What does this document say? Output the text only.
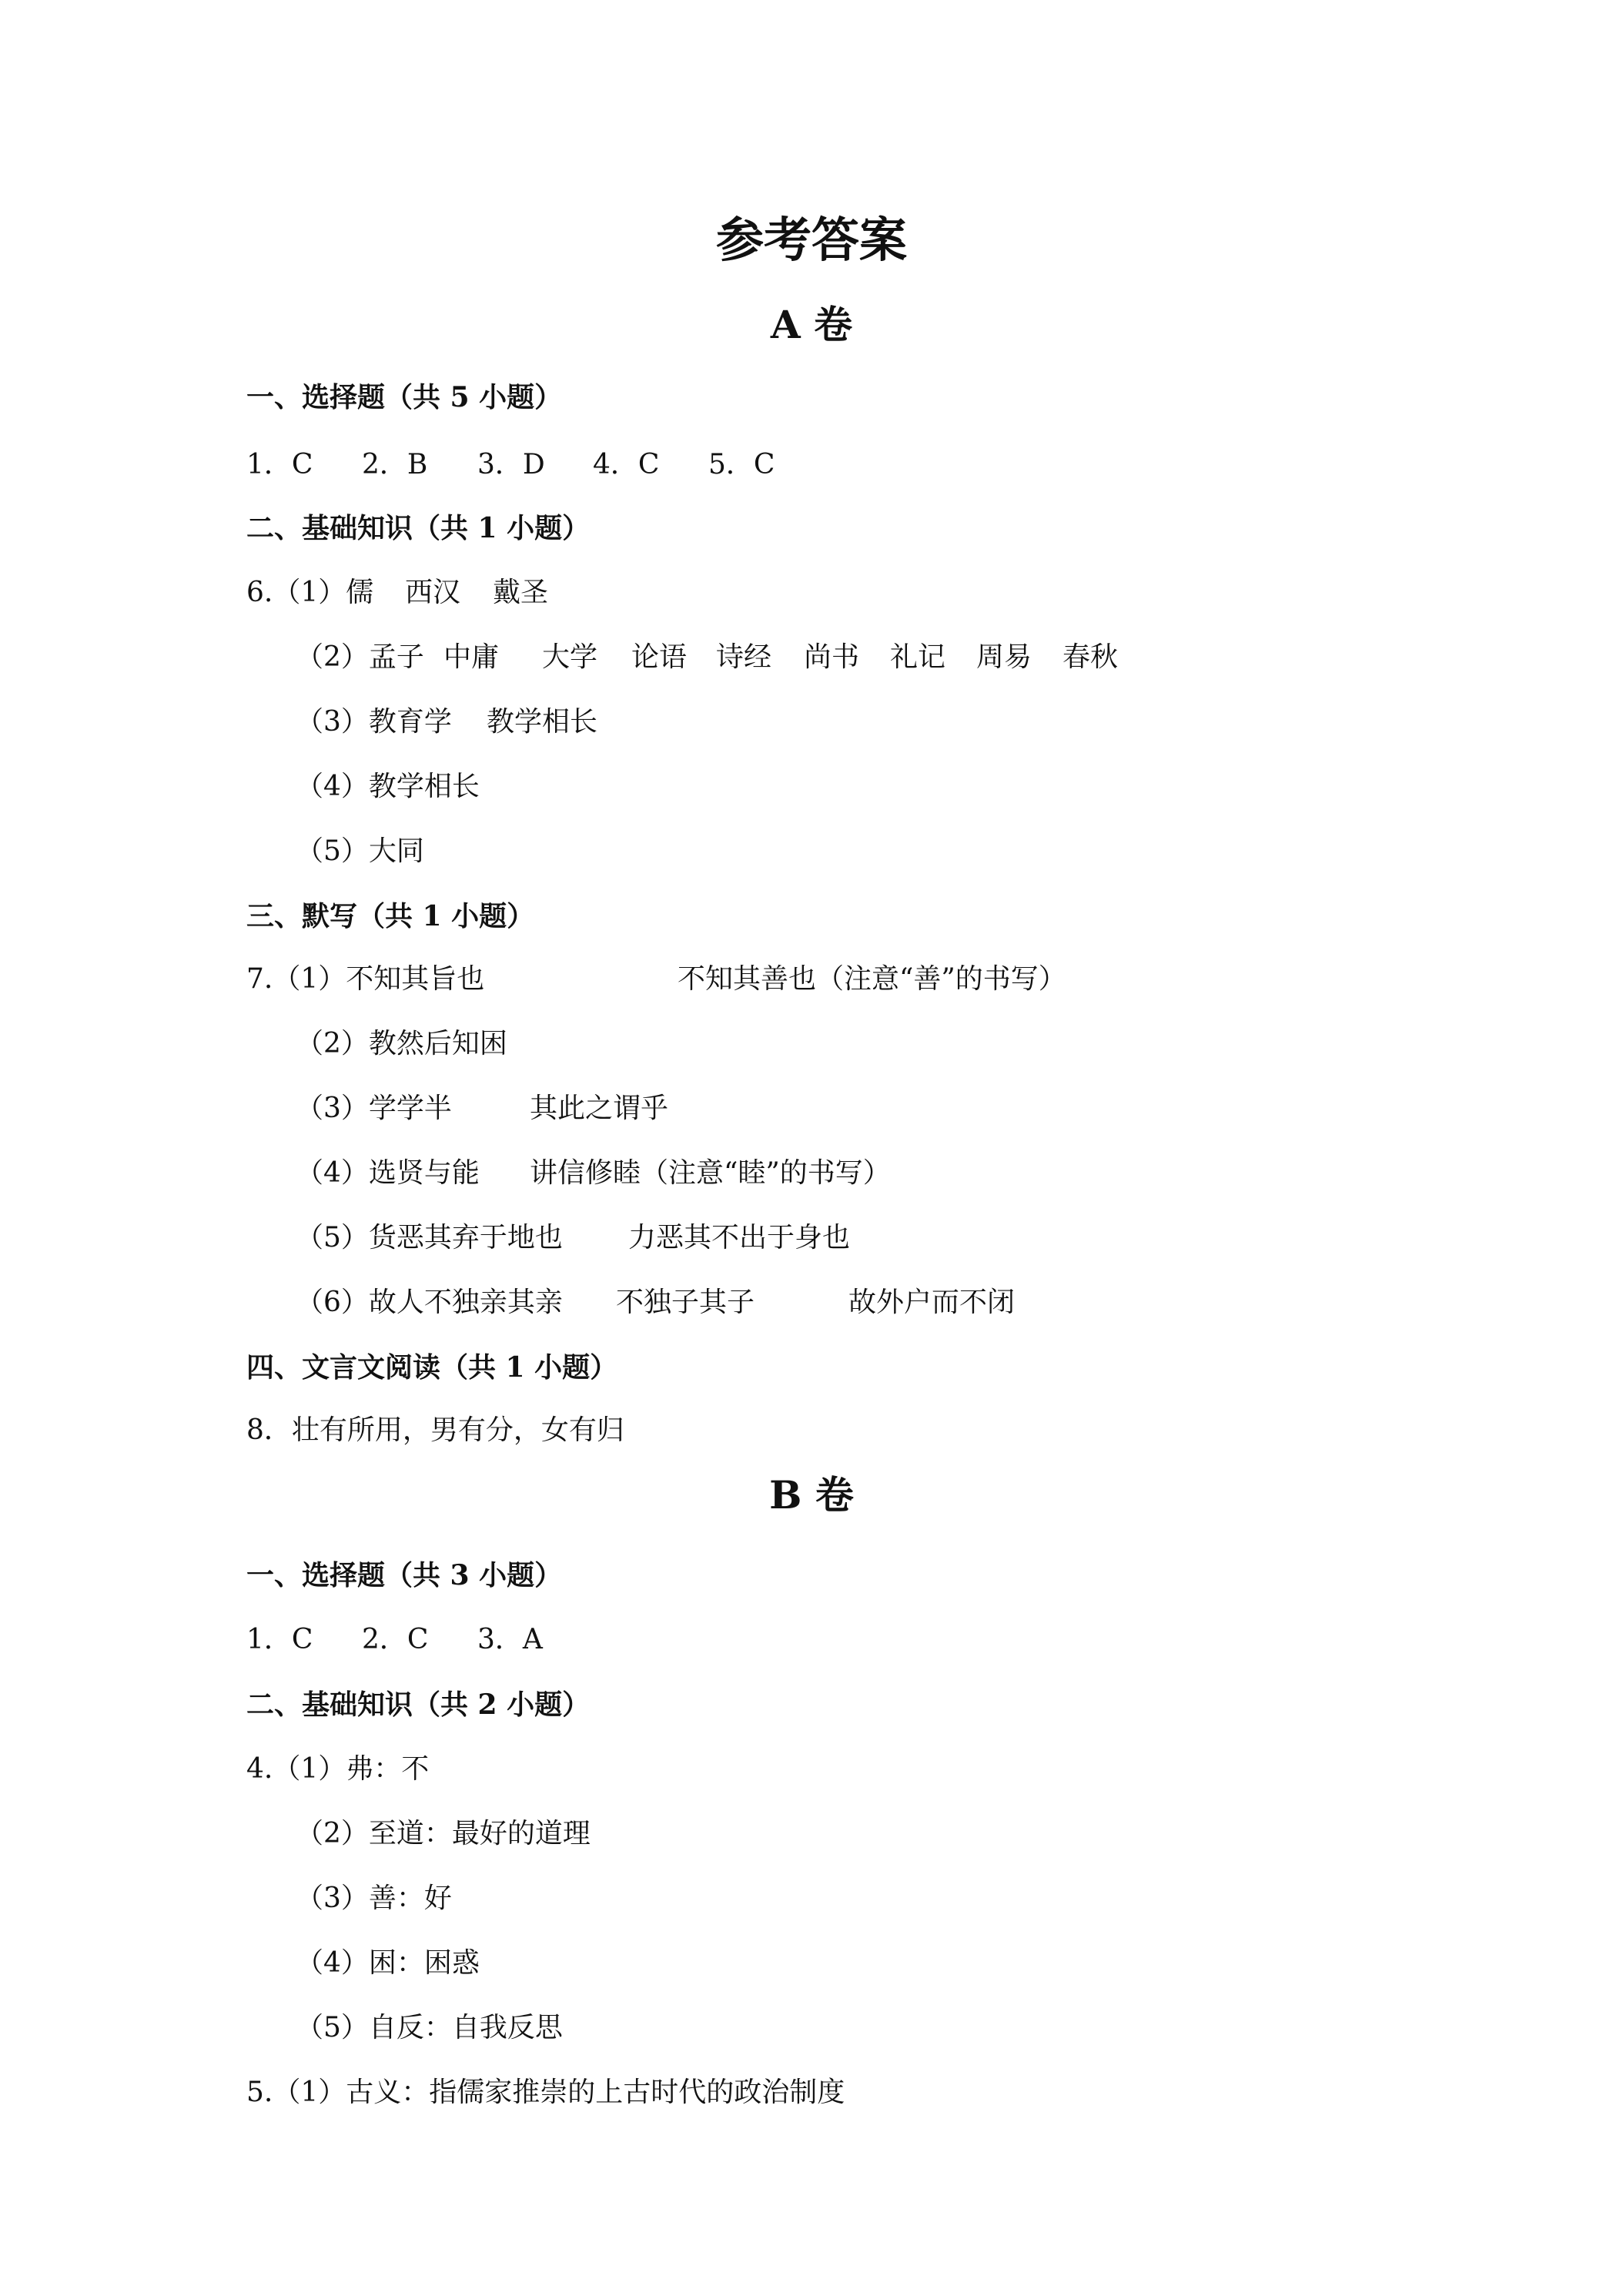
参考答案
A 卷
一、选择题（共 5 小题）

1．C

2．B

3．D

4．C

5．C

二、基础知识（共 1 小题）

6.（1）儒

西汉

戴圣

（2）孟子

中庸

大学

论语

诗经

尚书

礼记

周易

春秋

（3）教育学

教学相长

（4）教学相长
（5）大同
三、默写（共 1 小题）

7.（1）不知其旨也

	不知其善也（注意“善”的书写）

（2）教然后知困

（3）学学半

	其此之谓乎

（4）选贤与能

讲信修睦（注意“睦”的书写）

（5）货恶其弃于地也

力恶其不出于身也

（6）故人不独亲其亲

不独子其子

	故外户而不闭

四、文言文阅读（共 1 小题）
8．壮有所用，男有分，女有归
B 卷
一、选择题（共 3 小题）

1．C

2．C

3．A

二、基础知识（共 2 小题）
4.（1）弗：不
（2）至道：最好的道理
（3）善：好
（4）困：困惑
（5）自反：自我反思
5.（1）古义：指儒家推崇的上古时代的政治制度
